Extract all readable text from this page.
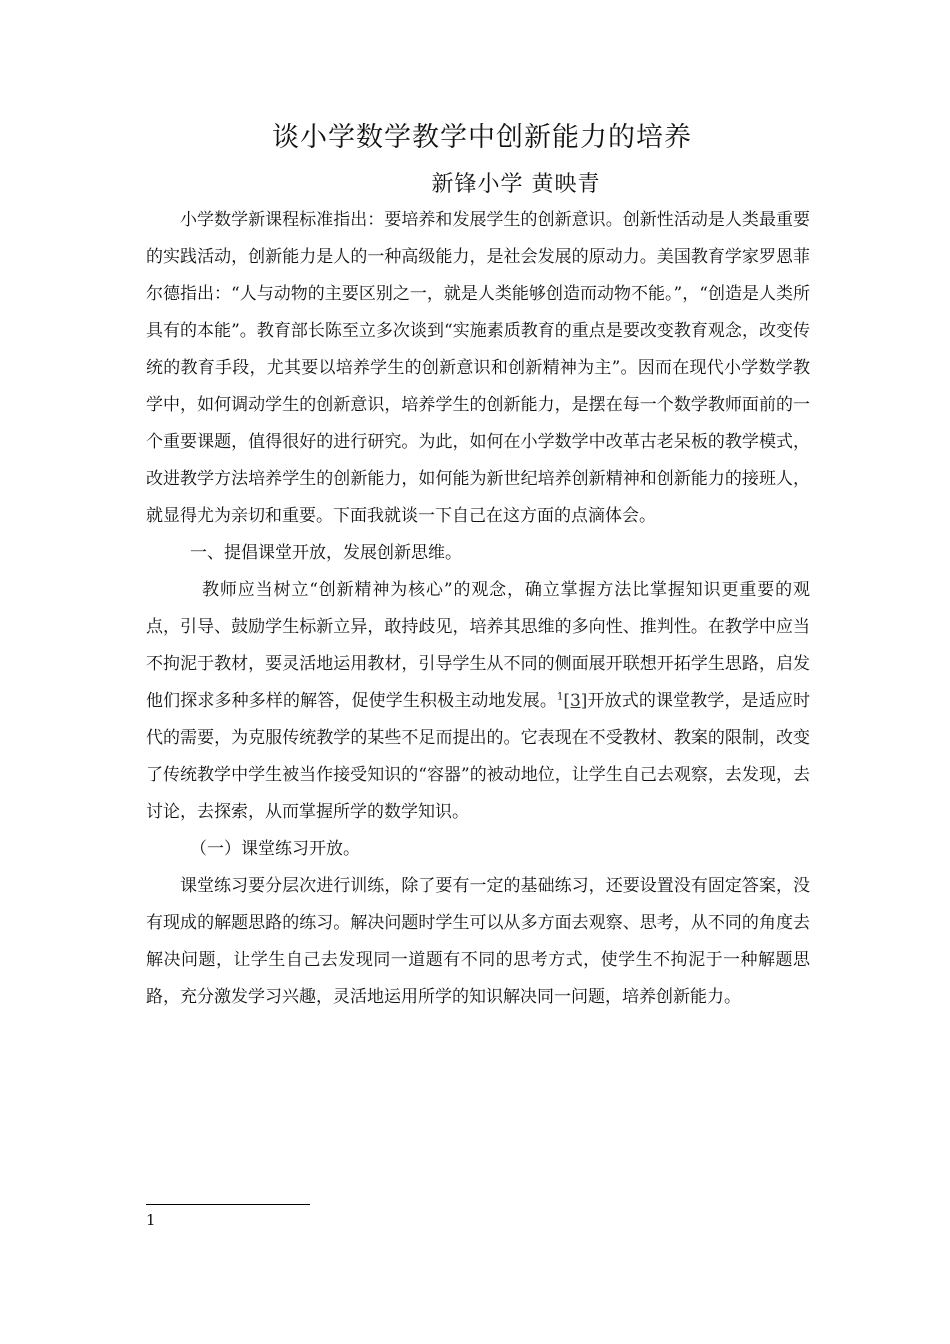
谈小学数学教学中创新能力的培养
新锋小学 黄映青

小学数学新课程标准指出：要培养和发展学生的创新意识。创新性活动是人类最重要的实践活动，创新能力是人的一种高级能力，是社会发展的原动力。美国教育学家罗恩菲尔德指出：“人与动物的主要区别之一，就是人类能够创造而动物不能。”，“创造是人类所具有的本能”。教育部长陈至立多次谈到“实施素质教育的重点是要改变教育观念，改变传统的教育手段，尤其要以培养学生的创新意识和创新精神为主”。因而在现代小学数学教学中，如何调动学生的创新意识，培养学生的创新能力，是摆在每一个数学教师面前的一个重要课题，值得很好的进行研究。为此，如何在小学数学中改革古老呆板的教学模式，改进教学方法培养学生的创新能力，如何能为新世纪培养创新精神和创新能力的接班人，就显得尤为亲切和重要。下面我就谈一下自己在这方面的点滴体会。

一、提倡课堂开放，发展创新思维。

教师应当树立“创新精神为核心”的观念，确立掌握方法比掌握知识更重要的观点，引导、鼓励学生标新立异，敢持歧见，培养其思维的多向性、推判性。在教学中应当不拘泥于教材，要灵活地运用教材，引导学生从不同的侧面展开联想开拓学生思路，启发他们探求多种多样的解答，促使学生积极主动地发展。$^1$[3]开放式的课堂教学，是适应时代的需要，为克服传统教学的某些不足而提出的。它表现在不受教材、教案的限制，改变了传统教学中学生被当作接受知识的“容器”的被动地位，让学生自己去观察，去发现，去讨论，去探索，从而掌握所学的数学知识。

（一）课堂练习开放。

课堂练习要分层次进行训练，除了要有一定的基础练习，还要设置没有固定答案，没有现成的解题思路的练习。解决问题时学生可以从多方面去观察、思考，从不同的角度去解决问题，让学生自己去发现同一道题有不同的思考方式，使学生不拘泥于一种解题思路，充分激发学习兴趣，灵活地运用所学的知识解决同一问题，培养创新能力。

1
